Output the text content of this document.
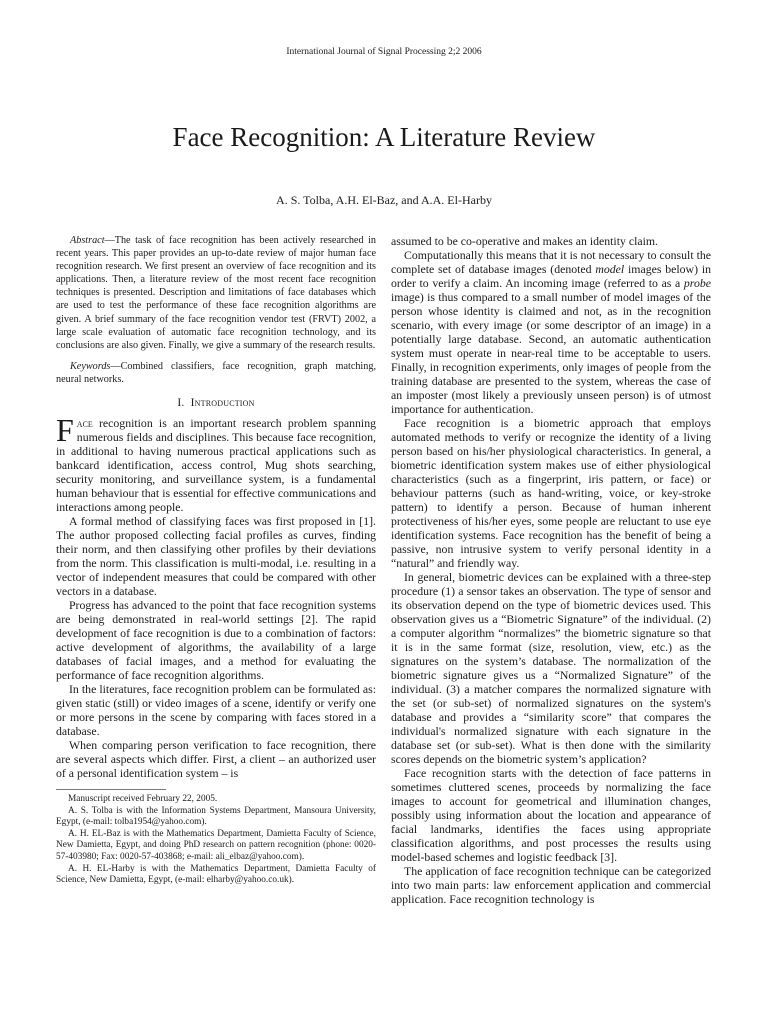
International Journal of Signal Processing 2;2 2006
Face Recognition: A Literature Review
A. S. Tolba, A.H. El-Baz, and A.A. El-Harby

Abstract—The task of face recognition has been actively researched in recent years. This paper provides an up-to-date review of major human face recognition research. We first present an overview of face recognition and its applications. Then, a literature review of the most recent face recognition techniques is presented. Description and limitations of face databases which are used to test the performance of these face recognition algorithms are given. A brief summary of the face recognition vendor test (FRVT) 2002, a large scale evaluation of automatic face recognition technology, and its conclusions are also given. Finally, we give a summary of the research results.

Keywords—Combined classifiers, face recognition, graph matching, neural networks.

I. Introduction

Face recognition is an important research problem spanning numerous fields and disciplines. This because face recognition, in additional to having numerous practical applications such as bankcard identification, access control, Mug shots searching, security monitoring, and surveillance system, is a fundamental human behaviour that is essential for effective communications and interactions among people.

A formal method of classifying faces was first proposed in [1]. The author proposed collecting facial profiles as curves, finding their norm, and then classifying other profiles by their deviations from the norm. This classification is multi-modal, i.e. resulting in a vector of independent measures that could be compared with other vectors in a database.

Progress has advanced to the point that face recognition systems are being demonstrated in real-world settings [2]. The rapid development of face recognition is due to a combination of factors: active development of algorithms, the availability of a large databases of facial images, and a method for evaluating the performance of face recognition algorithms.

In the literatures, face recognition problem can be formulated as: given static (still) or video images of a scene, identify or verify one or more persons in the scene by comparing with faces stored in a database.

When comparing person verification to face recognition, there are several aspects which differ. First, a client – an authorized user of a personal identification system – is

Manuscript received February 22, 2005.

A. S. Tolba is with the Information Systems Department, Mansoura University, Egypt, (e-mail: tolba1954@yahoo.com).

A. H. EL-Baz is with the Mathematics Department, Damietta Faculty of Science, New Damietta, Egypt, and doing PhD research on pattern recognition (phone: 0020-57-403980; Fax: 0020-57-403868; e-mail: ali_elbaz@yahoo.com).

A. H. EL-Harby is with the Mathematics Department, Damietta Faculty of Science, New Damietta, Egypt, (e-mail: elharby@yahoo.co.uk).

assumed to be co-operative and makes an identity claim.

Computationally this means that it is not necessary to consult the complete set of database images (denoted model images below) in order to verify a claim. An incoming image (referred to as a probe image) is thus compared to a small number of model images of the person whose identity is claimed and not, as in the recognition scenario, with every image (or some descriptor of an image) in a potentially large database. Second, an automatic authentication system must operate in near-real time to be acceptable to users. Finally, in recognition experiments, only images of people from the training database are presented to the system, whereas the case of an imposter (most likely a previously unseen person) is of utmost importance for authentication.

Face recognition is a biometric approach that employs automated methods to verify or recognize the identity of a living person based on his/her physiological characteristics. In general, a biometric identification system makes use of either physiological characteristics (such as a fingerprint, iris pattern, or face) or behaviour patterns (such as hand-writing, voice, or key-stroke pattern) to identify a person. Because of human inherent protectiveness of his/her eyes, some people are reluctant to use eye identification systems. Face recognition has the benefit of being a passive, non intrusive system to verify personal identity in a “natural” and friendly way.

In general, biometric devices can be explained with a three-step procedure (1) a sensor takes an observation. The type of sensor and its observation depend on the type of biometric devices used. This observation gives us a “Biometric Signature” of the individual. (2) a computer algorithm “normalizes” the biometric signature so that it is in the same format (size, resolution, view, etc.) as the signatures on the system’s database. The normalization of the biometric signature gives us a “Normalized Signature” of the individual. (3) a matcher compares the normalized signature with the set (or sub-set) of normalized signatures on the system's database and provides a “similarity score” that compares the individual's normalized signature with each signature in the database set (or sub-set). What is then done with the similarity scores depends on the biometric system’s application?

Face recognition starts with the detection of face patterns in sometimes cluttered scenes, proceeds by normalizing the face images to account for geometrical and illumination changes, possibly using information about the location and appearance of facial landmarks, identifies the faces using appropriate classification algorithms, and post processes the results using model-based schemes and logistic feedback [3].

The application of face recognition technique can be categorized into two main parts: law enforcement application and commercial application. Face recognition technology is
